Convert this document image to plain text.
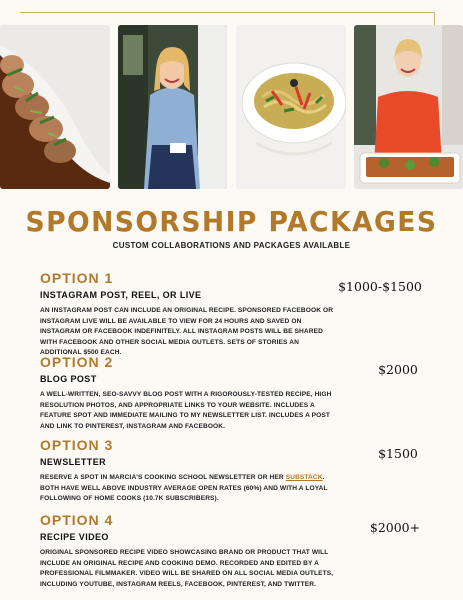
SPONSORSHIP PACKAGES
CUSTOM COLLABORATIONS AND PACKAGES AVAILABLE
OPTION 1
INSTAGRAM POST, REEL, OR LIVE

AN INSTAGRAM POST CAN INCLUDE AN ORIGINAL RECIPE. SPONSORED FACEBOOK OR INSTAGRAM LIVE WILL BE AVAILABLE TO VIEW FOR 24 HOURS AND SAVED ON INSTAGRAM OR FACEBOOK INDEFINITELY. ALL INSTAGRAM POSTS WILL BE SHARED WITH FACEBOOK AND OTHER SOCIAL MEDIA OUTLETS. SETS OF STORIES AN ADDITIONAL $500 EACH.

$1000-$1500
OPTION 2
BLOG POST

A WELL-WRITTEN, SEO-SAVVY BLOG POST WITH A RIGOROUSLY-TESTED RECIPE, HIGH RESOLUTION PHOTOS, AND APPROPRIATE LINKS TO YOUR WEBSITE. INCLUDES A FEATURE SPOT AND IMMEDIATE MAILING TO MY NEWSLETTER LIST. INCLUDES A POST AND LINK TO PINTEREST, INSTAGRAM AND FACEBOOK.

$2000
OPTION 3
NEWSLETTER

RESERVE A SPOT IN MARCIA'S COOKING SCHOOL NEWSLETTER OR HER SUBSTACK. BOTH HAVE WELL ABOVE INDUSTRY AVERAGE OPEN RATES (60%) AND WITH A LOYAL FOLLOWING OF HOME COOKS (10.7K SUBSCRIBERS).

$1500
OPTION 4
RECIPE VIDEO

ORIGINAL SPONSORED RECIPE VIDEO SHOWCASING BRAND OR PRODUCT THAT WILL INCLUDE AN ORIGINAL RECIPE AND COOKING DEMO. RECORDED AND EDITED BY A PROFESSIONAL FILMMAKER. VIDEO WILL BE SHARED ON ALL SOCIAL MEDIA OUTLETS, INCLUDING YOUTUBE, INSTAGRAM REELS, FACEBOOK, PINTEREST, AND TWITTER.

$2000+
